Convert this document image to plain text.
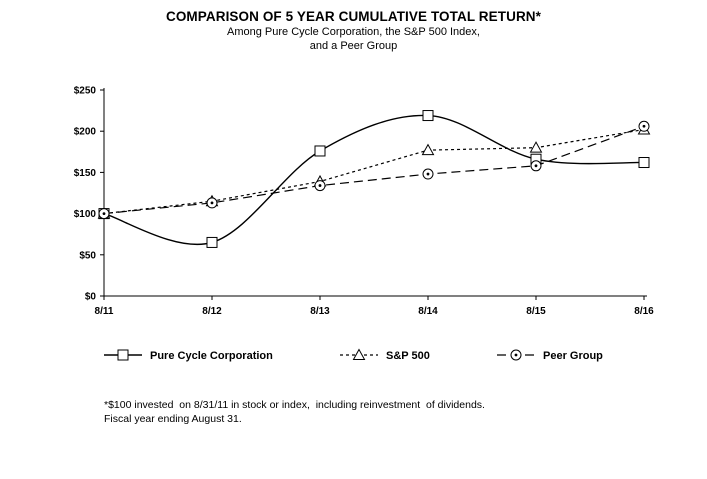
COMPARISON OF 5 YEAR CUMULATIVE TOTAL RETURN*
Among Pure Cycle Corporation, the S&P 500 Index,
and a Peer Group
$0
$50
$100
$150
$200
$250
8/11	8/12	8/13	8/14	8/15	8/16
Pure Cycle Corporation	S&P 500	Peer Group
*$100 invested  on 8/31/11 in stock or index,  including reinvestment  of dividends.
Fiscal year ending August 31.
